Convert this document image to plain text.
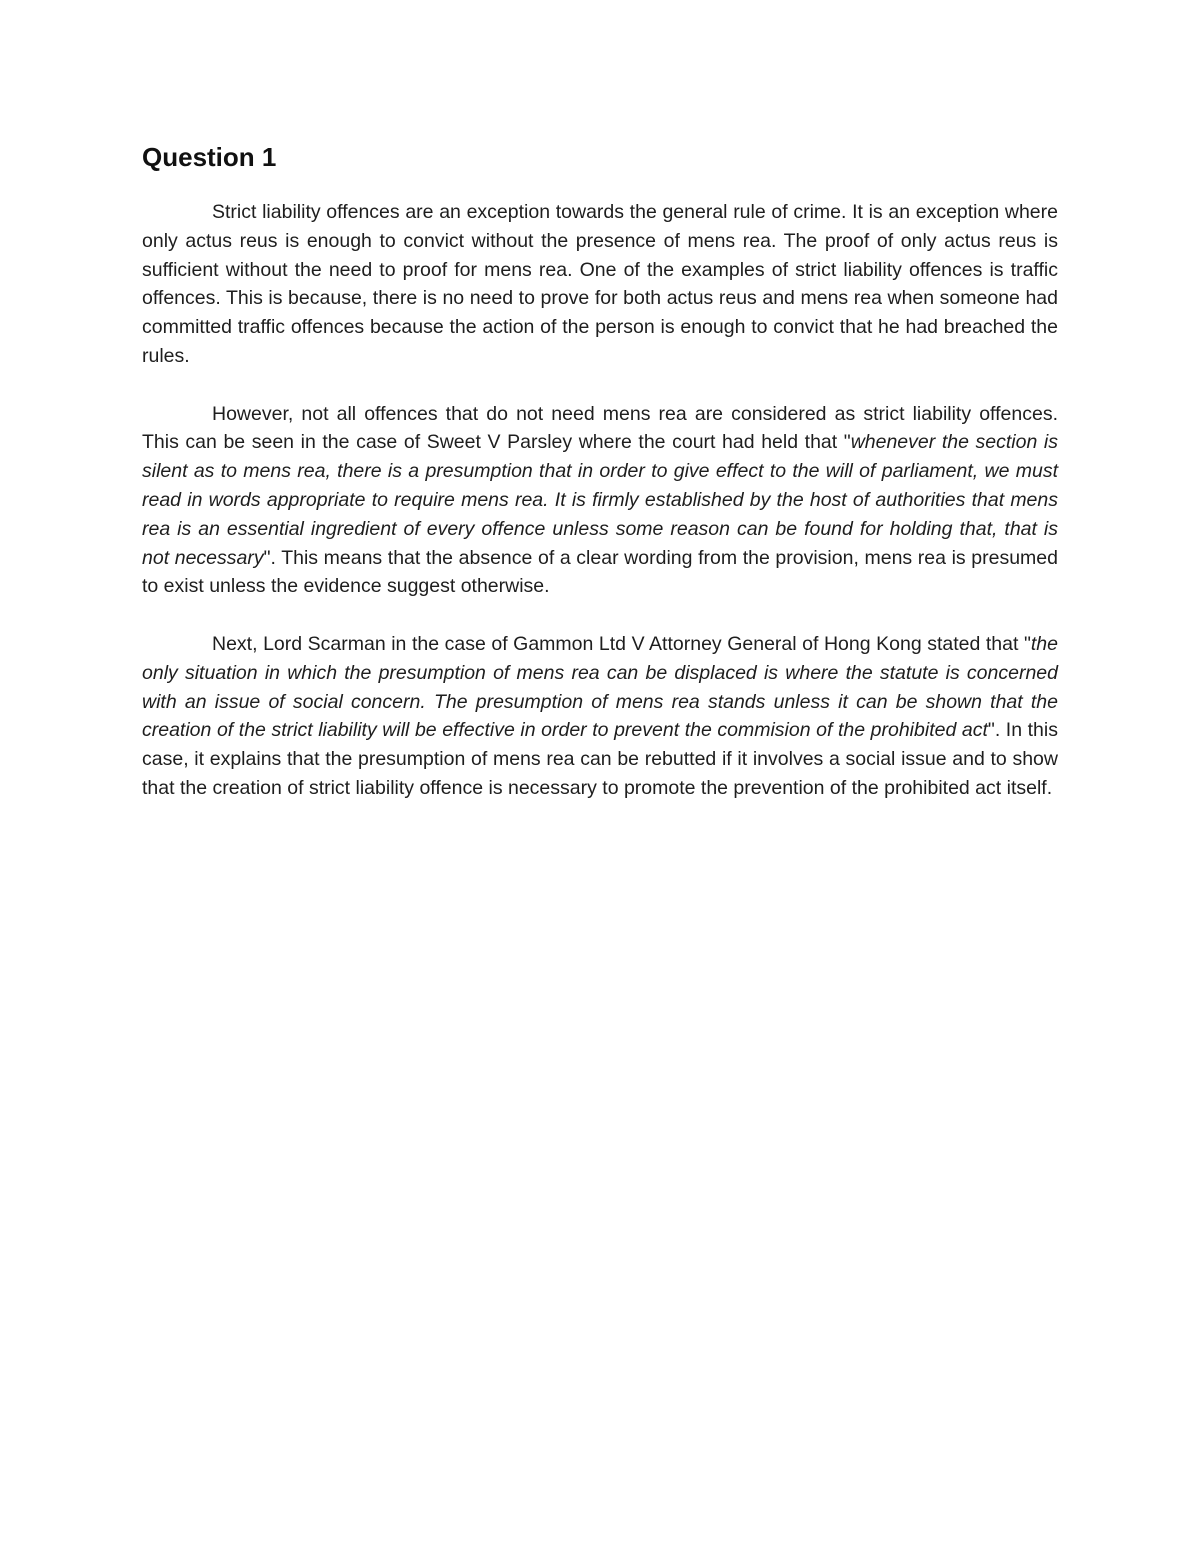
Question 1

Strict liability offences are an exception towards the general rule of crime. It is an exception where only actus reus is enough to convict without the presence of mens rea. The proof of only actus reus is sufficient without the need to proof for mens rea. One of the examples of strict liability offences is traffic offences. This is because, there is no need to prove for both actus reus and mens rea when someone had committed traffic offences because the action of the person is enough to convict that he had breached the rules.

However, not all offences that do not need mens rea are considered as strict liability offences. This can be seen in the case of Sweet V Parsley where the court had held that "whenever the section is silent as to mens rea, there is a presumption that in order to give effect to the will of parliament, we must read in words appropriate to require mens rea. It is firmly established by the host of authorities that mens rea is an essential ingredient of every offence unless some reason can be found for holding that, that is not necessary". This means that the absence of a clear wording from the provision, mens rea is presumed to exist unless the evidence suggest otherwise.

Next, Lord Scarman in the case of Gammon Ltd V Attorney General of Hong Kong stated that "the only situation in which the presumption of mens rea can be displaced is where the statute is concerned with an issue of social concern. The presumption of mens rea stands unless it can be shown that the creation of the strict liability will be effective in order to prevent the commision of the prohibited act". In this case, it explains that the presumption of mens rea can be rebutted if it involves a social issue and to show that the creation of strict liability offence is necessary to promote the prevention of the prohibited act itself.
